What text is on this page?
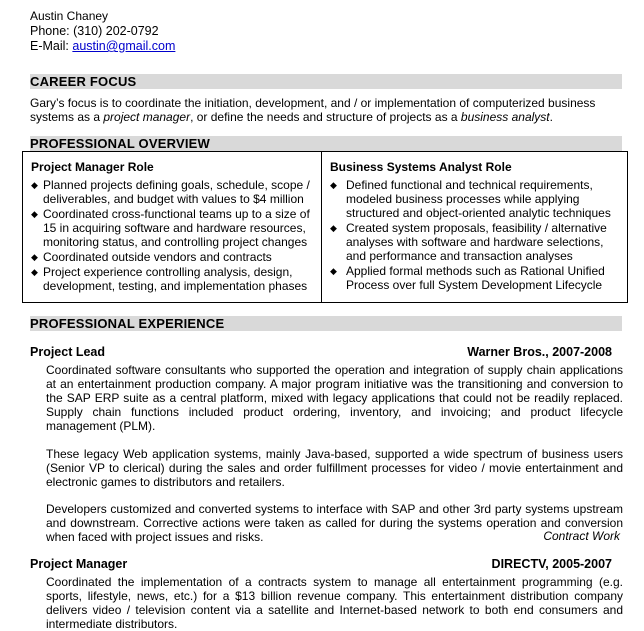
Austin Chaney
Phone: (310) 202-0792
E-Mail: austin@gmail.com
CAREER FOCUS
Gary’s focus is to coordinate the initiation, development, and / or implementation of computerized business systems as a project manager, or define the needs and structure of projects as a business analyst.
PROFESSIONAL OVERVIEW
Project Manager Role
◆ Planned projects defining goals, schedule, scope / deliverables, and budget with values to $4 million
◆ Coordinated cross-functional teams up to a size of 15 in acquiring software and hardware resources, monitoring status, and controlling project changes
◆ Coordinated outside vendors and contracts
◆ Project experience controlling analysis, design, development, testing, and implementation phases
Business Systems Analyst Role
◆ Defined functional and technical requirements, modeled business processes while applying structured and object-oriented analytic techniques
◆ Created system proposals, feasibility / alternative analyses with software and hardware selections, and performance and transaction analyses
◆ Applied formal methods such as Rational Unified Process over full System Development Lifecycle
PROFESSIONAL EXPERIENCE
Project Lead	Warner Bros., 2007-2008
Coordinated software consultants who supported the operation and integration of supply chain applications at an entertainment production company. A major program initiative was the transitioning and conversion to the SAP ERP suite as a central platform, mixed with legacy applications that could not be readily replaced. Supply chain functions included product ordering, inventory, and invoicing; and product lifecycle management (PLM).
These legacy Web application systems, mainly Java-based, supported a wide spectrum of business users (Senior VP to clerical) during the sales and order fulfillment processes for video / movie entertainment and electronic games to distributors and retailers.
Developers customized and converted systems to interface with SAP and other 3rd party systems upstream and downstream. Corrective actions were taken as called for during the systems operation and conversion when faced with project issues and risks.	Contract Work
Project Manager	DIRECTV, 2005-2007
Coordinated the implementation of a contracts system to manage all entertainment programming (e.g. sports, lifestyle, news, etc.) for a $13 billion revenue company. This entertainment distribution company delivers video / television content via a satellite and Internet-based network to both end consumers and intermediate distributors.
